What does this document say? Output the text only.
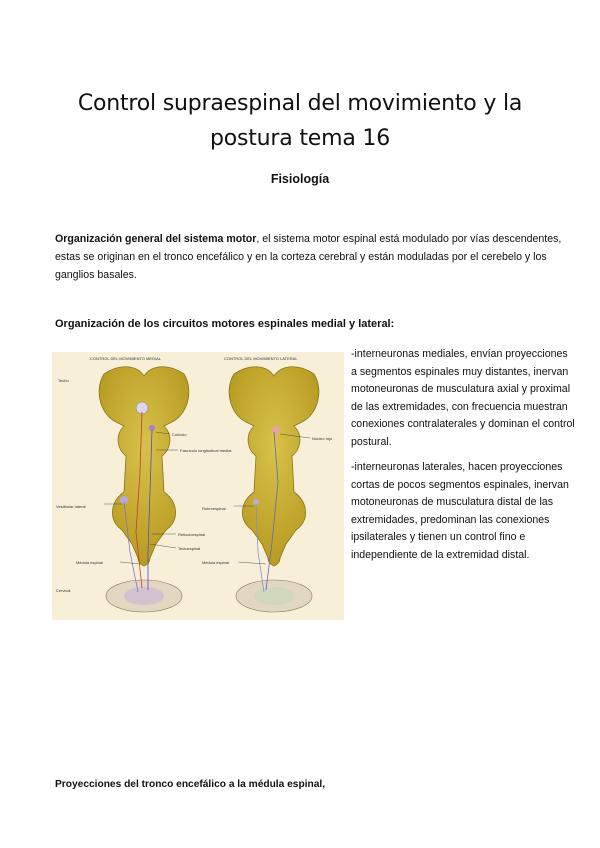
Control supraespinal del movimiento y la
postura tema 16
Fisiología
Organización general del sistema motor, el sistema motor espinal está modulado por vías descendentes, estas se originan en el tronco encefálico y en la corteza cerebral y están moduladas por el cerebelo y los ganglios basales.
Organización de los circuitos motores espinales medial y lateral:
CONTROL DEL MOVIMIENTO MEDIAL	CONTROL DEL MOVIMIENTO LATERAL
Techo
Colículo
Fascículo longitudinal medial
Vestibular lateral
Reticuloespinal
Tectoespinal
Médula espinal
Cervical
Núcleo rojo
Rubroespinal
Médula espinal

-interneuronas mediales, envían proyecciones a segmentos espinales muy distantes, inervan motoneuronas de musculatura axial y proximal de las extremidades, con frecuencia muestran conexiones contralaterales y dominan el control postural.

-interneuronas laterales, hacen proyecciones cortas de pocos segmentos espinales, inervan motoneuronas de musculatura distal de las extremidades, predominan las conexiones ipsilaterales y tienen un control fino e independiente de la extremidad distal.

Proyecciones del tronco encefálico a la médula espinal,
